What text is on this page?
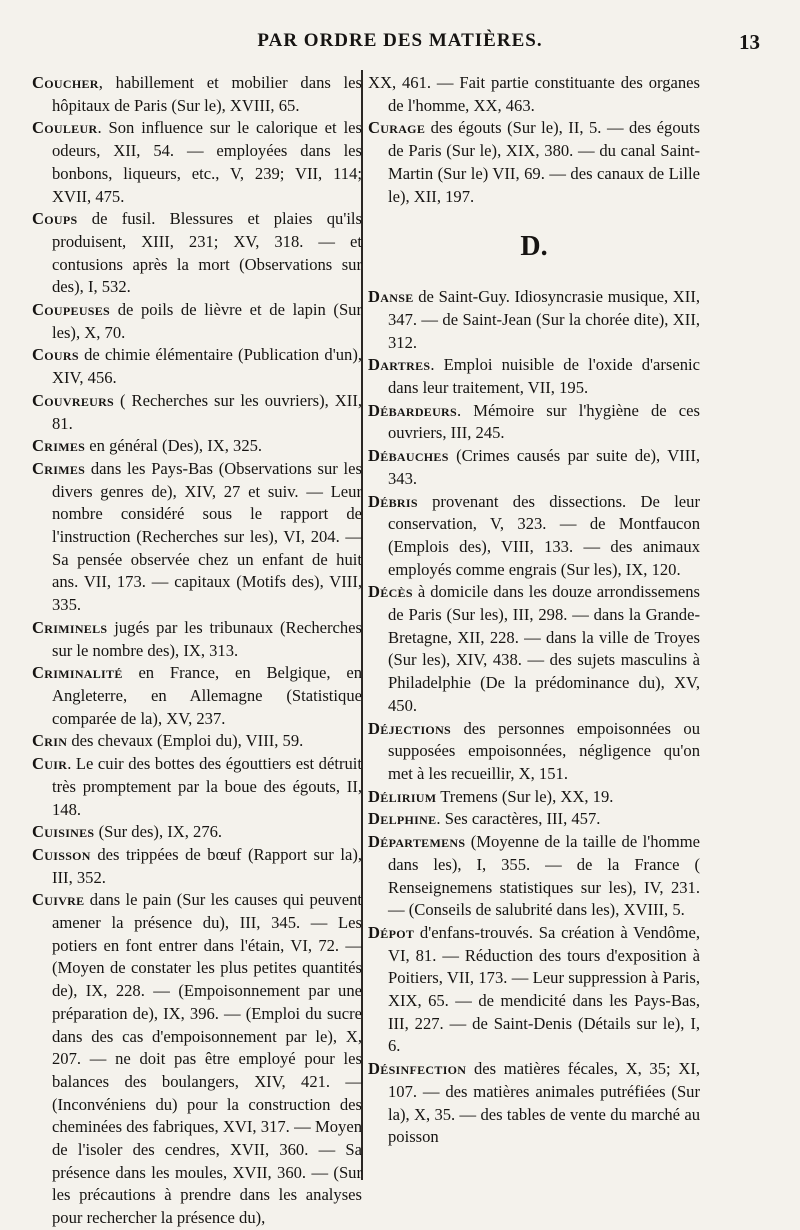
PAR ORDRE DES MATIÈRES.	13

Coucher, habillement et mobilier dans les hôpitaux de Paris (Sur le), XVIII, 65.

Couleur. Son influence sur le calorique et les odeurs, XII, 54. — employées dans les bonbons, liqueurs, etc., V, 239; VII, 114; XVII, 475.

Coups de fusil. Blessures et plaies qu'ils produisent, XIII, 231; XV, 318. — et contusions après la mort (Observations sur des), I, 532.

Coupeuses de poils de lièvre et de lapin (Sur les), X, 70.

Cours de chimie élémentaire (Publication d'un), XIV, 456.

Couvreurs ( Recherches sur les ouvriers), XII, 81.

Crimes en général (Des), IX, 325.

Crimes dans les Pays-Bas (Observations sur les divers genres de), XIV, 27 et suiv. — Leur nombre considéré sous le rapport de l'instruction (Recherches sur les), VI, 204. — Sa pensée observée chez un enfant de huit ans. VII, 173. — capitaux (Motifs des), VIII, 335.

Criminels jugés par les tribunaux (Recherches sur le nombre des), IX, 313.

Criminalité en France, en Belgique, en Angleterre, en Allemagne (Statistique comparée de la), XV, 237.

Crin des chevaux (Emploi du), VIII, 59.

Cuir. Le cuir des bottes des égouttiers est détruit très promptement par la boue des égouts, II, 148.

Cuisines (Sur des), IX, 276.

Cuisson des trippées de bœuf (Rapport sur la), III, 352.

Cuivre dans le pain (Sur les causes qui peuvent amener la présence du), III, 345. — Les potiers en font entrer dans l'étain, VI, 72. — (Moyen de constater les plus petites quantités de), IX, 228. — (Empoisonnement par une préparation de), IX, 396. — (Emploi du sucre dans des cas d'empoisonnement par le), X, 207. — ne doit pas être employé pour les balances des boulangers, XIV, 421. — (Inconvéniens du) pour la construction des cheminées des fabriques, XVI, 317. — Moyen de l'isoler des cendres, XVII, 360. — Sa présence dans les moules, XVII, 360. — (Sur les précautions à prendre dans les analyses pour rechercher la présence du),

XX, 461. — Fait partie constituante des organes de l'homme, XX, 463.

Curage des égouts (Sur le), II, 5. — des égouts de Paris (Sur le), XIX, 380. — du canal Saint-Martin (Sur le) VII, 69. — des canaux de Lille le), XII, 197.

D.

Danse de Saint-Guy. Idiosyncrasie musique, XII, 347. — de Saint-Jean (Sur la chorée dite), XII, 312.

Dartres. Emploi nuisible de l'oxide d'arsenic dans leur traitement, VII, 195.

Débardeurs. Mémoire sur l'hygiène de ces ouvriers, III, 245.

Débauches (Crimes causés par suite de), VIII, 343.

Débris provenant des dissections. De leur conservation, V, 323. — de Montfaucon (Emplois des), VIII, 133. — des animaux employés comme engrais (Sur les), IX, 120.

Décès à domicile dans les douze arrondissemens de Paris (Sur les), III, 298. — dans la Grande-Bretagne, XII, 228. — dans la ville de Troyes (Sur les), XIV, 438. — des sujets masculins à Philadelphie (De la prédominance du), XV, 450.

Déjections des personnes empoisonnées ou supposées empoisonnées, négligence qu'on met à les recueillir, X, 151.

Délirium Tremens (Sur le), XX, 19.

Delphine. Ses caractères, III, 457.

Départemens (Moyenne de la taille de l'homme dans les), I, 355. — de la France ( Renseignemens statistiques sur les), IV, 231. — (Conseils de salubrité dans les), XVIII, 5.

Dépot d'enfans-trouvés. Sa création à Vendôme, VI, 81. — Réduction des tours d'exposition à Poitiers, VII, 173. — Leur suppression à Paris, XIX, 65. — de mendicité dans les Pays-Bas, III, 227. — de Saint-Denis (Détails sur le), I, 6.

Désinfection des matières fécales, X, 35; XI, 107. — des matières animales putréfiées (Sur la), X, 35. — des tables de vente du marché au poisson
